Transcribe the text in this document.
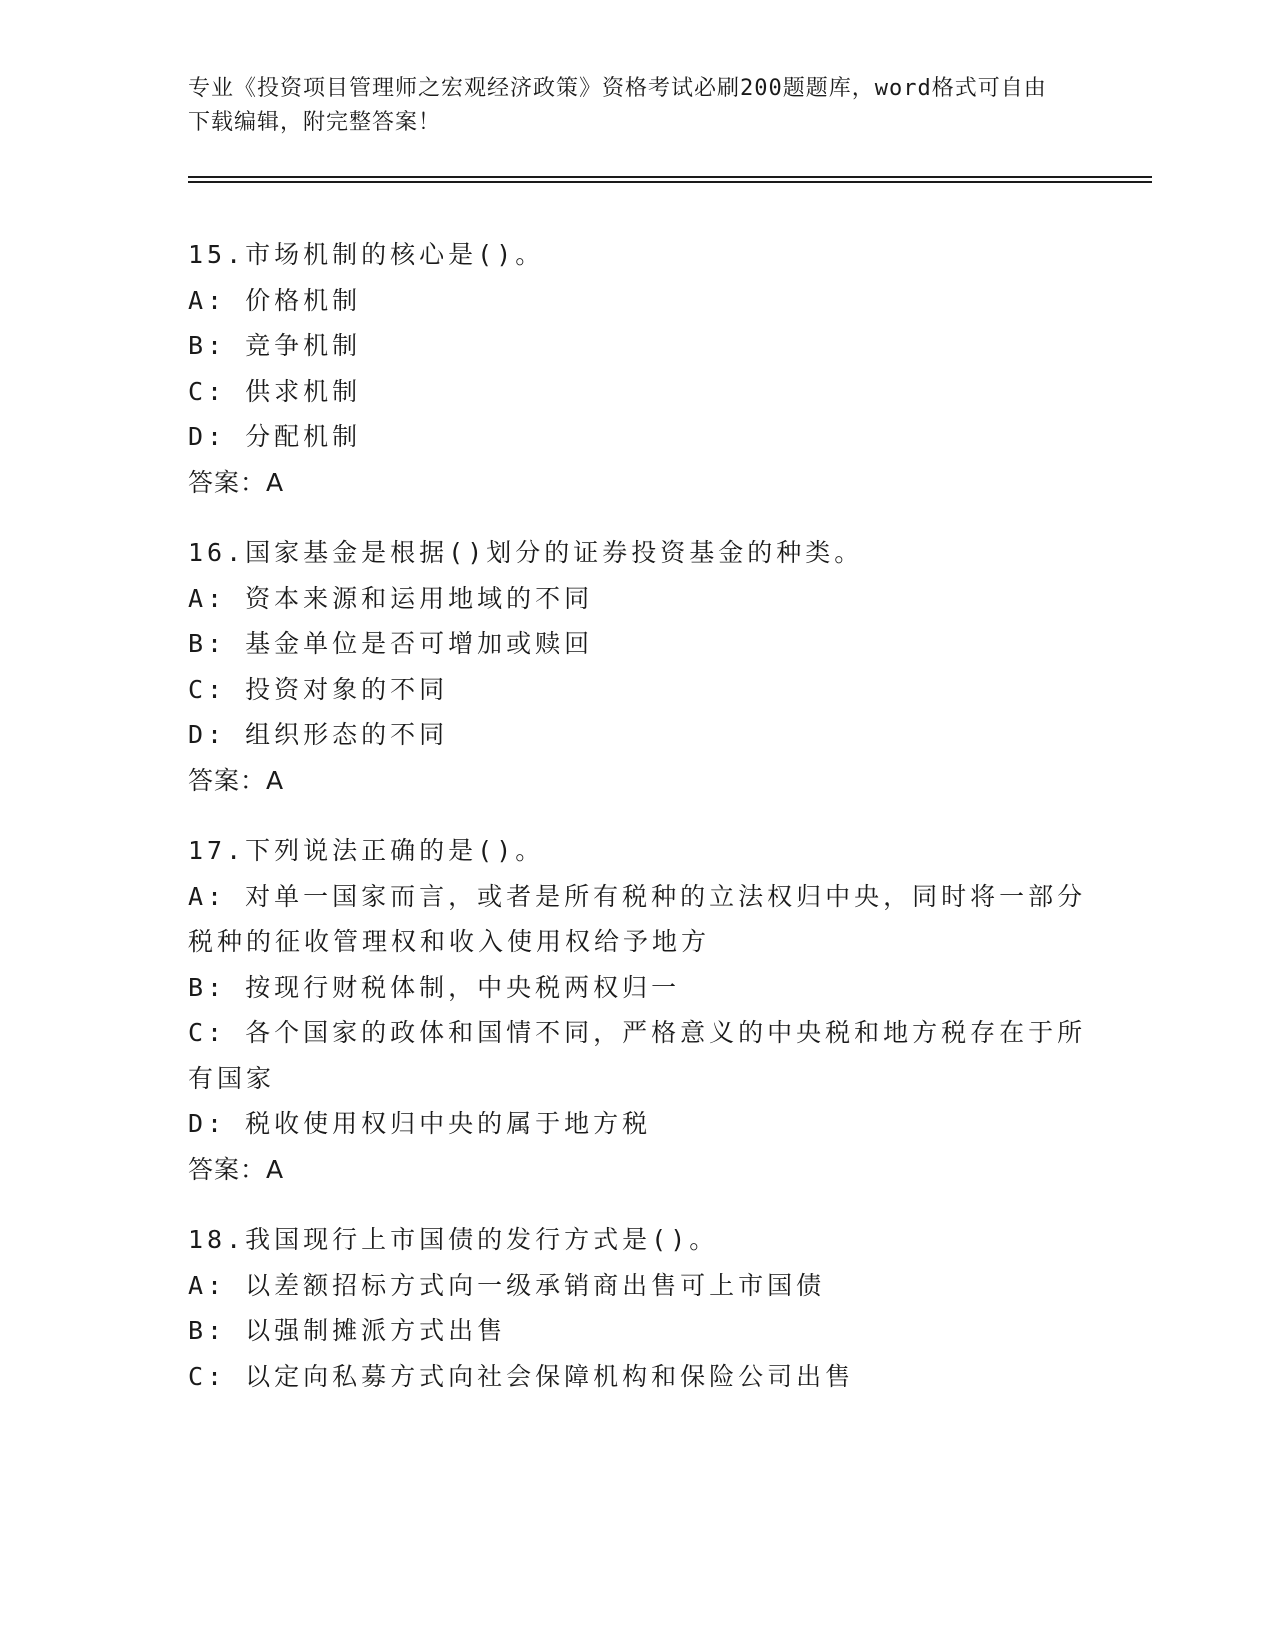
专业《投资项目管理师之宏观经济政策》资格考试必刷200题题库，word格式可自由下载编辑，附完整答案！
15.市场机制的核心是()。
A: 价格机制
B: 竞争机制
C: 供求机制
D: 分配机制
答案：A
16.国家基金是根据()划分的证券投资基金的种类。
A: 资本来源和运用地域的不同
B: 基金单位是否可增加或赎回
C: 投资对象的不同
D: 组织形态的不同
答案：A
17.下列说法正确的是()。
A: 对单一国家而言，或者是所有税种的立法权归中央，同时将一部分税种的征收管理权和收入使用权给予地方
B: 按现行财税体制，中央税两权归一
C: 各个国家的政体和国情不同，严格意义的中央税和地方税存在于所有国家
D: 税收使用权归中央的属于地方税
答案：A
18.我国现行上市国债的发行方式是()。
A: 以差额招标方式向一级承销商出售可上市国债
B: 以强制摊派方式出售
C: 以定向私募方式向社会保障机构和保险公司出售
